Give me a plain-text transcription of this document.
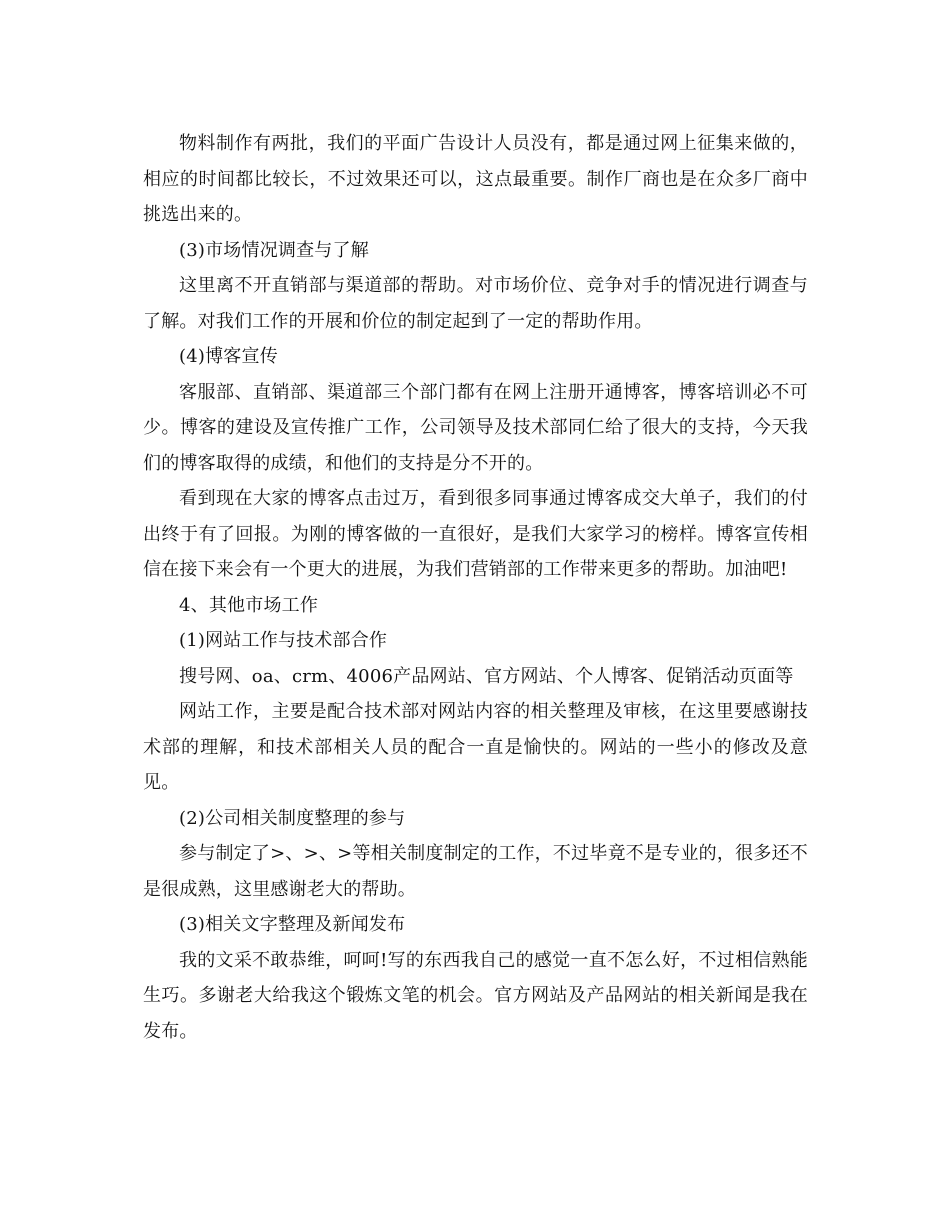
物料制作有两批，我们的平面广告设计人员没有，都是通过网上征集来做的，相应的时间都比较长，不过效果还可以，这点最重要。制作厂商也是在众多厂商中挑选出来的。

(3)市场情况调查与了解

这里离不开直销部与渠道部的帮助。对市场价位、竞争对手的情况进行调查与了解。对我们工作的开展和价位的制定起到了一定的帮助作用。

(4)博客宣传

客服部、直销部、渠道部三个部门都有在网上注册开通博客，博客培训必不可少。博客的建设及宣传推广工作，公司领导及技术部同仁给了很大的支持，今天我们的博客取得的成绩，和他们的支持是分不开的。

看到现在大家的博客点击过万，看到很多同事通过博客成交大单子，我们的付出终于有了回报。为刚的博客做的一直很好，是我们大家学习的榜样。博客宣传相信在接下来会有一个更大的进展，为我们营销部的工作带来更多的帮助。加油吧!

4、其他市场工作

(1)网站工作与技术部合作

搜号网、oa、crm、4006产品网站、官方网站、个人博客、促销活动页面等

网站工作，主要是配合技术部对网站内容的相关整理及审核，在这里要感谢技术部的理解，和技术部相关人员的配合一直是愉快的。网站的一些小的修改及意见。

(2)公司相关制度整理的参与

参与制定了>、>、>等相关制度制定的工作，不过毕竟不是专业的，很多还不是很成熟，这里感谢老大的帮助。

(3)相关文字整理及新闻发布

我的文采不敢恭维，呵呵!写的东西我自己的感觉一直不怎么好，不过相信熟能生巧。多谢老大给我这个锻炼文笔的机会。官方网站及产品网站的相关新闻是我在发布。
